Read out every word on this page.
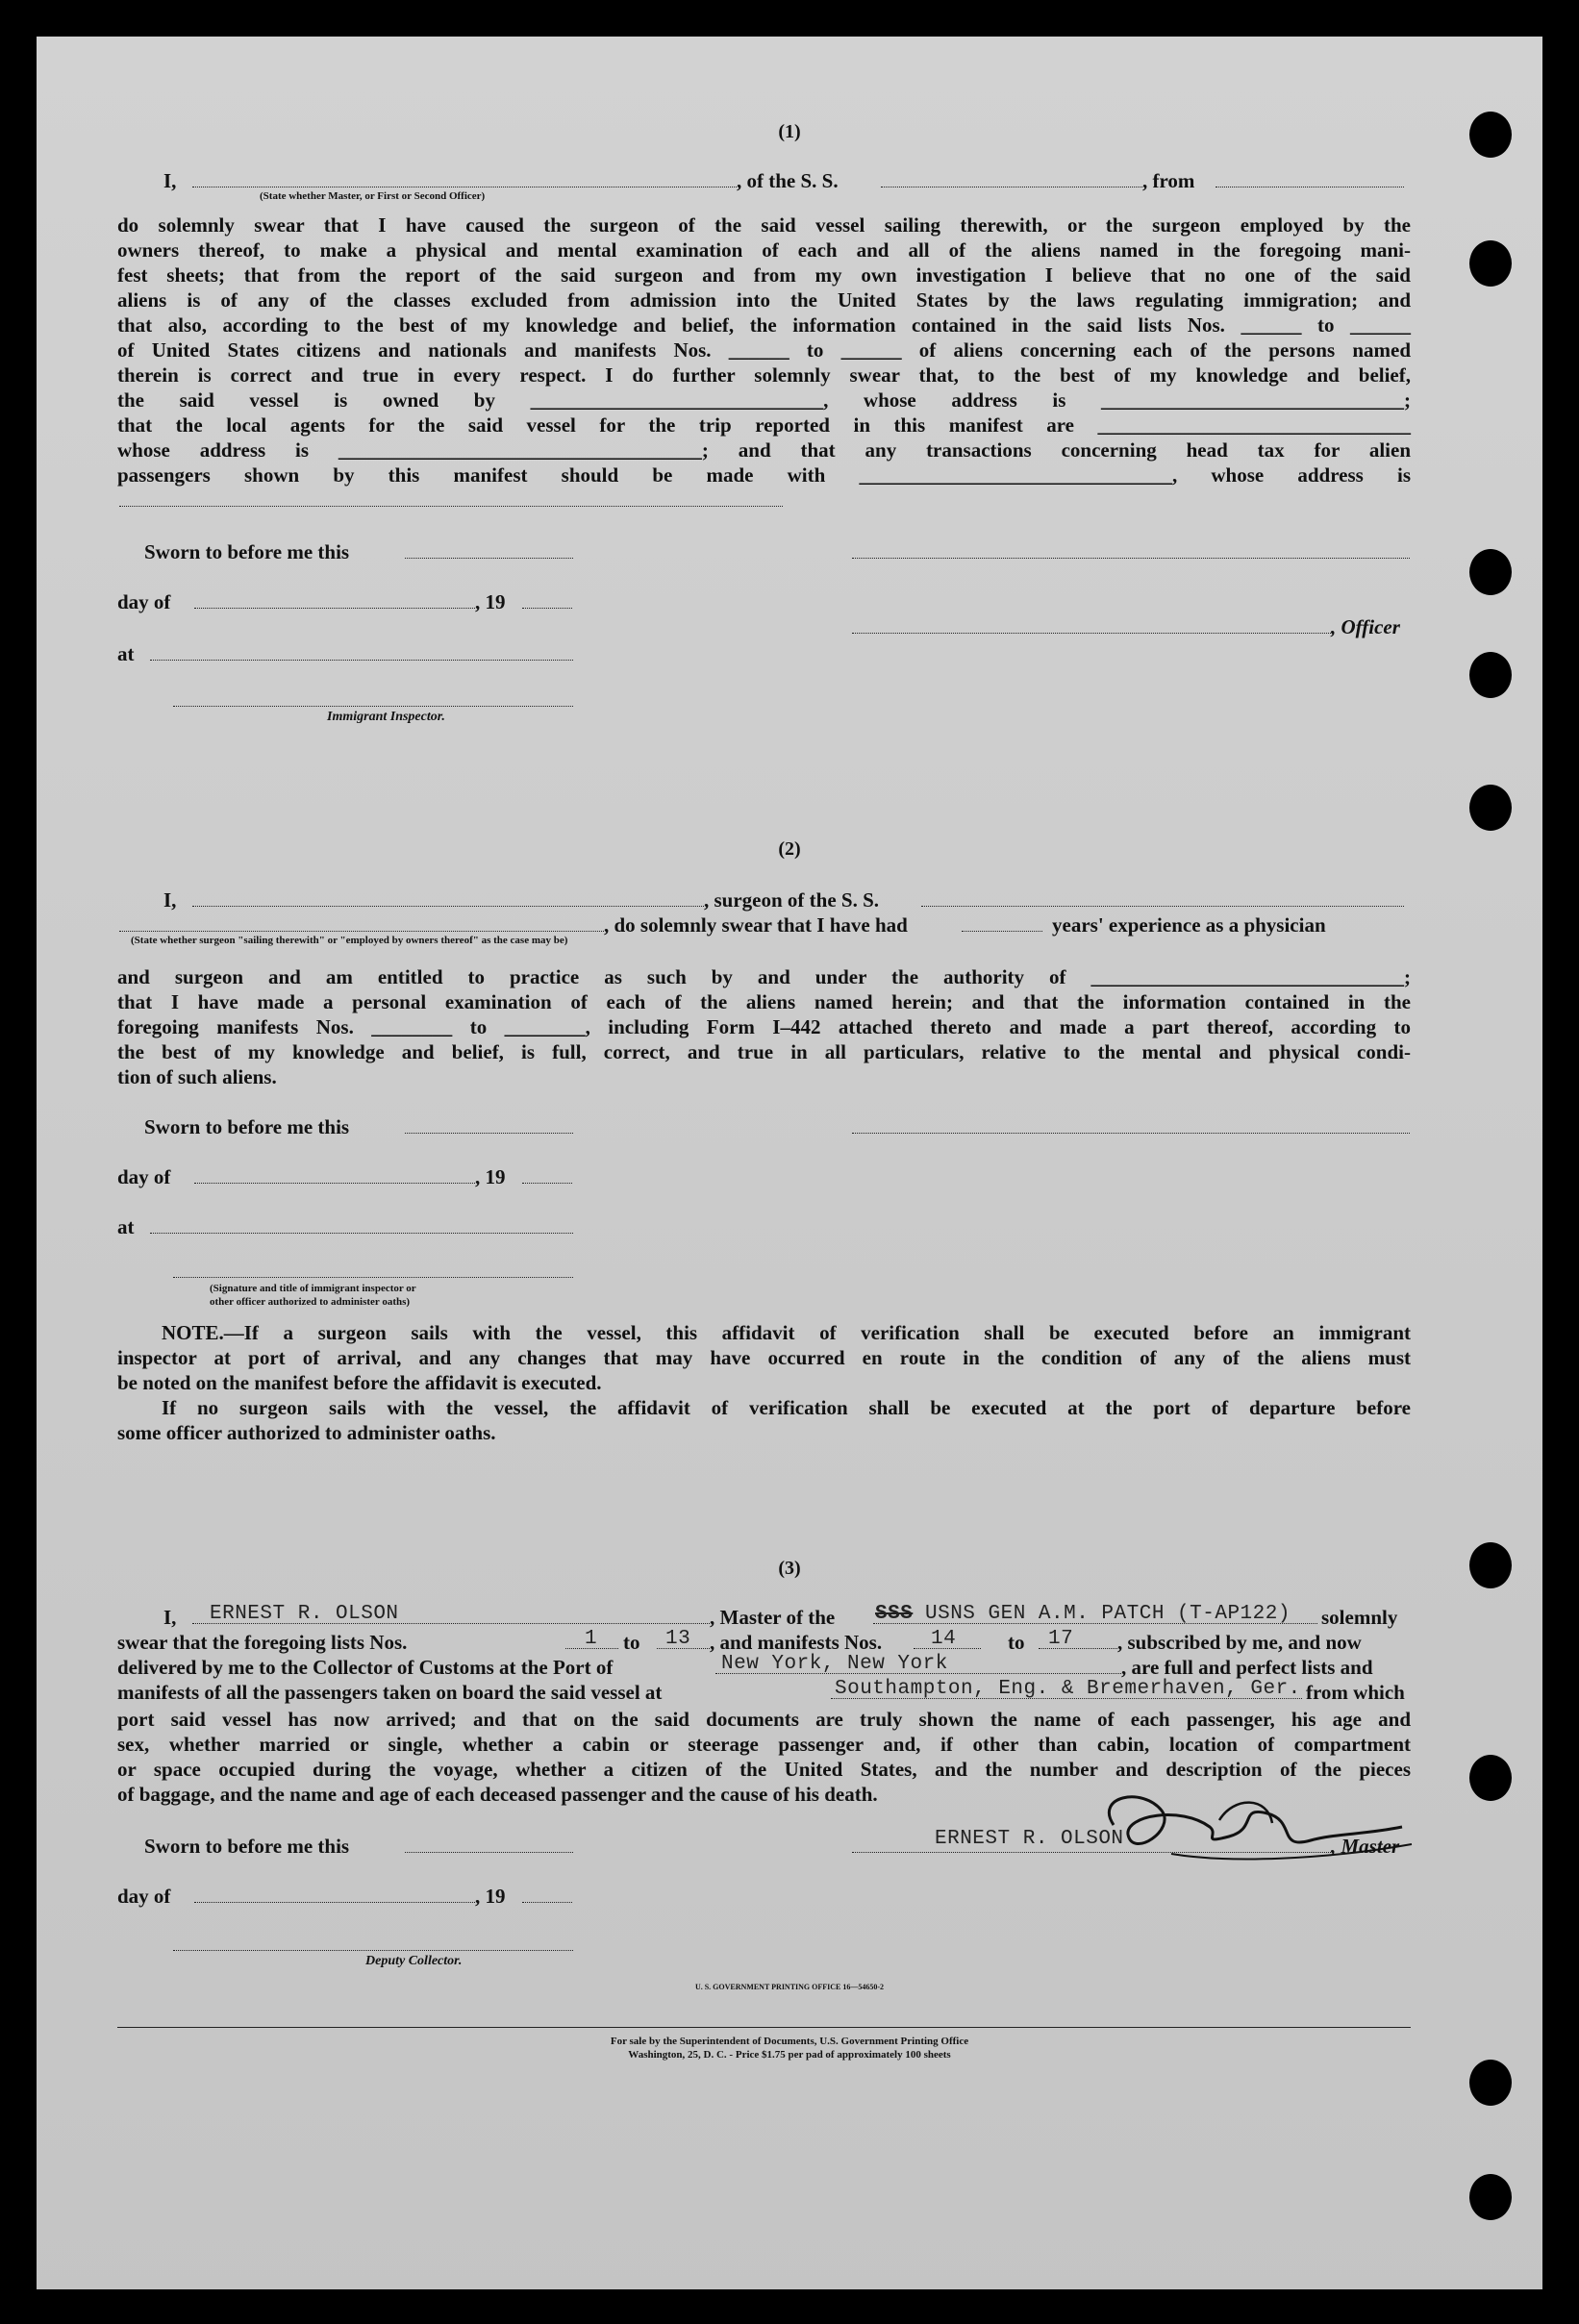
(1)
I,
(State whether Master, or First or Second Officer)
, of the S. S.	, from
do solemnly swear that I have caused the surgeon of the said vessel sailing therewith, or the surgeon employed by the
owners thereof, to make a physical and mental examination of each and all of the aliens named in the foregoing mani-
fest sheets; that from the report of the said surgeon and from my own investigation I believe that no one of the said
aliens is of any of the classes excluded from admission into the United States by the laws regulating immigration; and
that also, according to the best of my knowledge and belief, the information contained in the said lists Nos. ______ to ______
of United States citizens and nationals and manifests Nos. ______ to ______ of aliens concerning each of the persons named
therein is correct and true in every respect. I do further solemnly swear that, to the best of my knowledge and belief,
the said vessel is owned by _____________________________, whose address is ______________________________;
that the local agents for the said vessel for the trip reported in this manifest are _______________________________
whose address is ____________________________________; and that any transactions concerning head tax for alien
passengers shown by this manifest should be made with _______________________________, whose address is
Sworn to before me this
day of	, 19
, Officer
at
Immigrant Inspector.
(2)
I,	, surgeon of the S. S.
(State whether surgeon "sailing therewith" or "employed by owners thereof" as the case may be)
, do solemnly swear that I have had	years' experience as a physician
and surgeon and am entitled to practice as such by and under the authority of _______________________________;
that I have made a personal examination of each of the aliens named herein; and that the information contained in the
foregoing manifests Nos. ________ to ________, including Form I–442 attached thereto and made a part thereof, according to
the best of my knowledge and belief, is full, correct, and true in all particulars, relative to the mental and physical condi-
tion of such aliens.
Sworn to before me this
day of	, 19
at
(Signature and title of immigrant inspector or
other officer authorized to administer oaths)
NOTE.—If a surgeon sails with the vessel, this affidavit of verification shall be executed before an immigrant
inspector at port of arrival, and any changes that may have occurred en route in the condition of any of the aliens must
be noted on the manifest before the affidavit is executed.
If no surgeon sails with the vessel, the affidavit of verification shall be executed at the port of departure before
some officer authorized to administer oaths.
(3)
I, ERNEST R. OLSON	, Master of the SSS USNS GEN A.M. PATCH (T-AP122) solemnly
swear that the foregoing lists Nos.	1 to 13 , and manifests Nos. 14	to 17 , subscribed by me, and now
delivered by me to the Collector of Customs at the Port of	New York, New York	, are full and perfect lists and
manifests of all the passengers taken on board the said vessel at	Southampton, Eng. & Bremerhaven, Ger. from which
port said vessel has now arrived; and that on the said documents are truly shown the name of each passenger, his age and
sex, whether married or single, whether a cabin or steerage passenger and, if other than cabin, location of compartment
or space occupied during the voyage, whether a citizen of the United States, and the number and description of the pieces
of baggage, and the name and age of each deceased passenger and the cause of his death.
Sworn to before me this	ERNEST R. OLSON	, Master
day of	, 19
Deputy Collector.
U. S. GOVERNMENT PRINTING OFFICE 16—54650-2
For sale by the Superintendent of Documents, U.S. Government Printing Office
Washington, 25, D. C. - Price $1.75 per pad of approximately 100 sheets
